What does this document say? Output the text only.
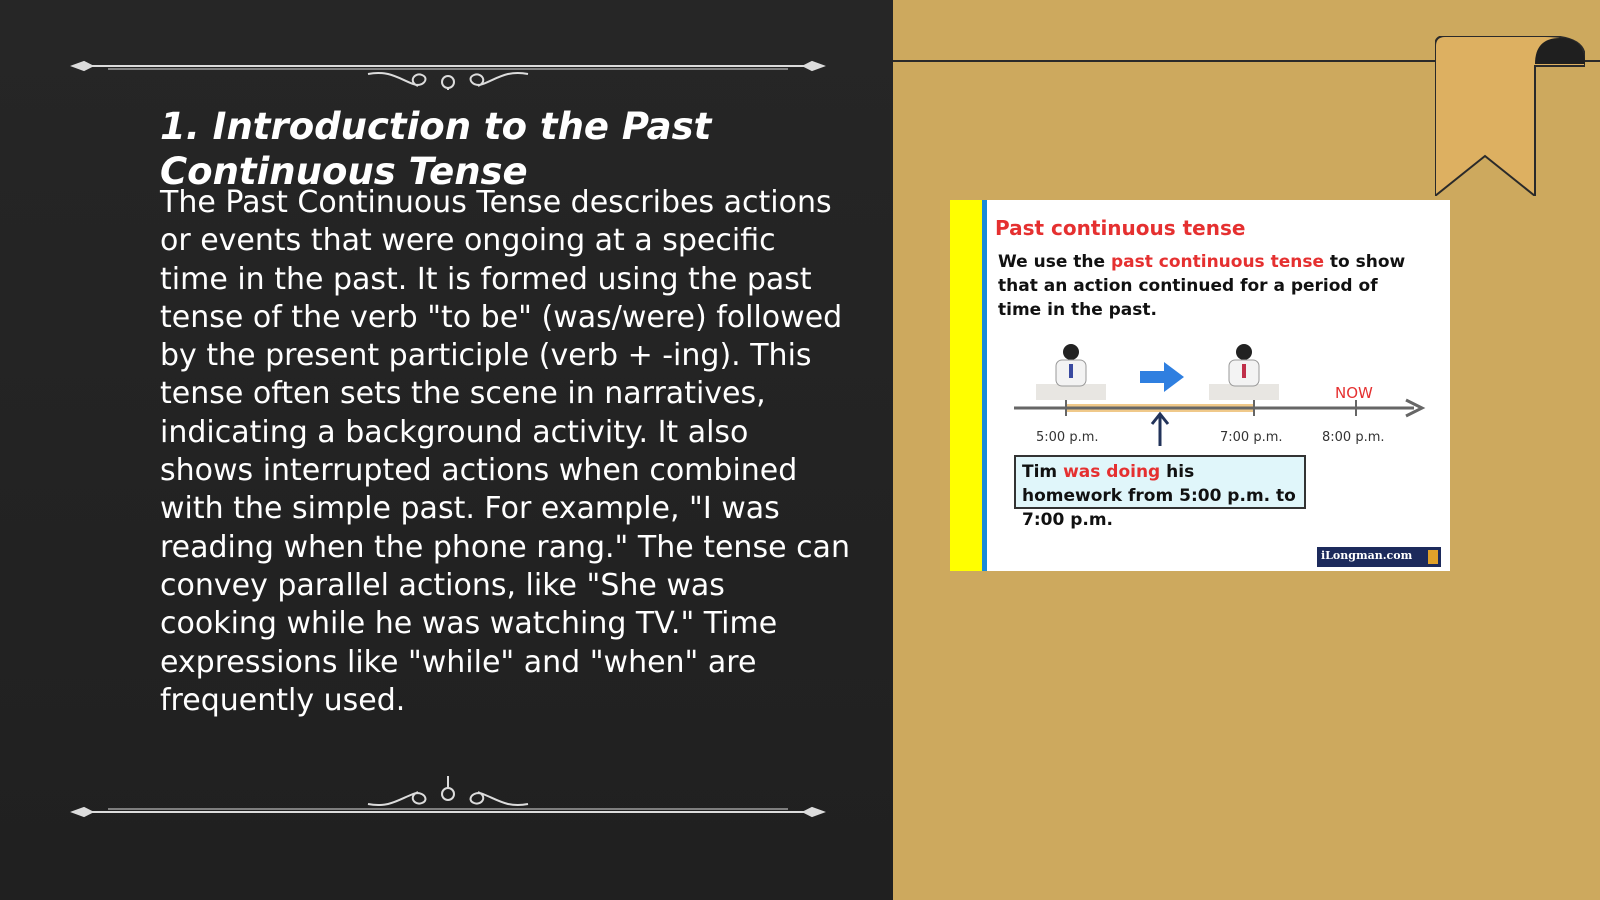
1. Introduction to the Past Continuous Tense

The Past Continuous Tense describes actions or events that were ongoing at a specific time in the past. It is formed using the past tense of the verb "to be" (was/were) followed by the present participle (verb + -ing). This tense often sets the scene in narratives, indicating a background activity. It also shows interrupted actions when combined with the simple past. For example, "I was reading when the phone rang." The tense can convey parallel actions, like "She was cooking while he was watching TV." Time expressions like "while" and "when" are frequently used.

Past continuous tense
We use the past continuous tense to show that an action continued for a period of time in the past.
NOW
5:00 p.m.	7:00 p.m.	8:00 p.m.
Tim was doing his homework from 5:00 p.m. to 7:00 p.m.
iLongman.com
